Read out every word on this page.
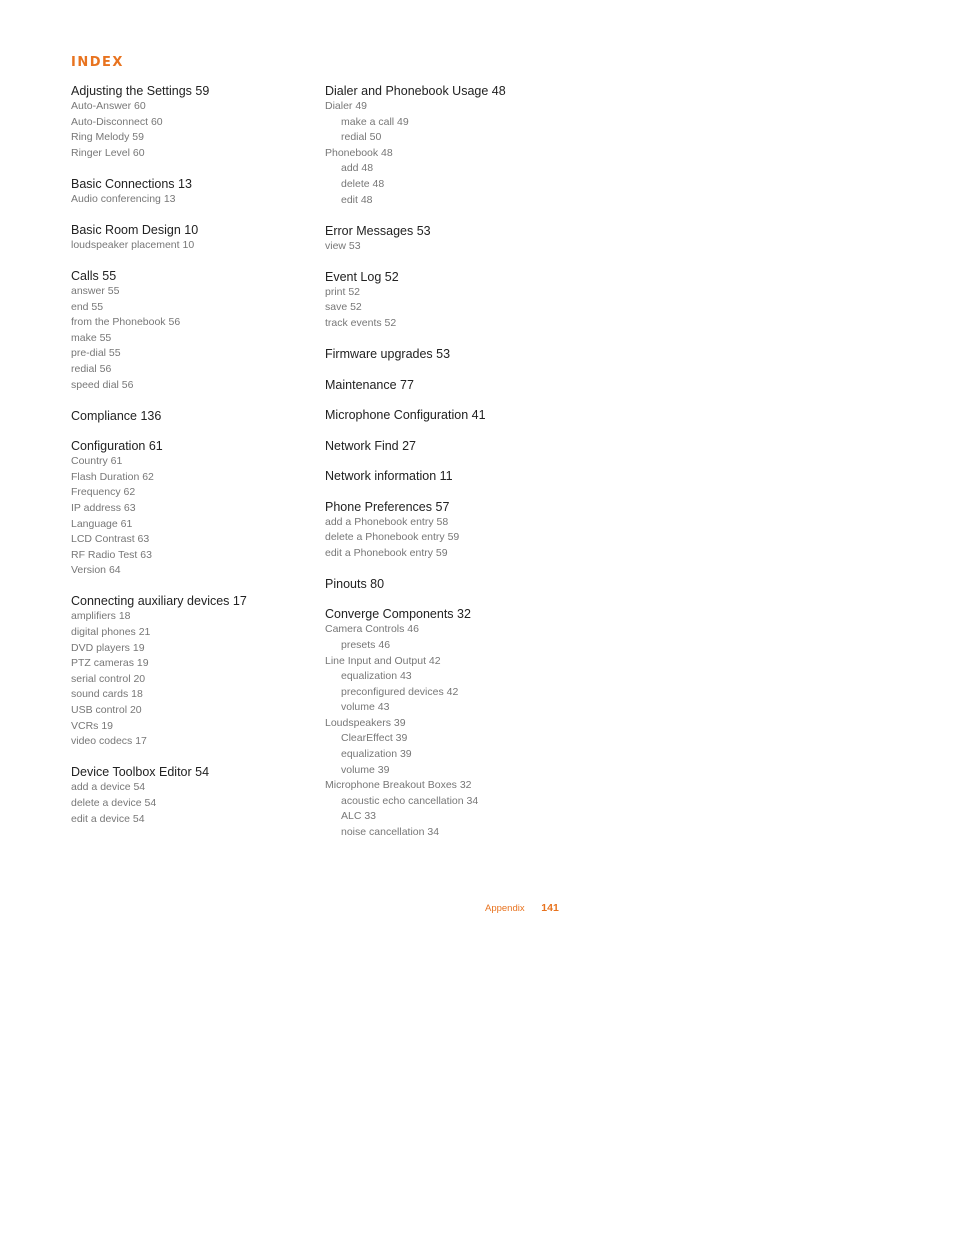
INDEX
Adjusting the Settings 59
Auto-Answer 60
Auto-Disconnect 60
Ring Melody 59
Ringer Level 60
Basic Connections 13
Audio conferencing 13
Basic Room Design 10
loudspeaker placement 10
Calls 55
answer 55
end 55
from the Phonebook 56
make 55
pre-dial 55
redial 56
speed dial 56
Compliance 136
Configuration 61
Country 61
Flash Duration 62
Frequency 62
IP address 63
Language 61
LCD Contrast 63
RF Radio Test 63
Version 64
Connecting auxiliary devices 17
amplifiers 18
digital phones 21
DVD players 19
PTZ cameras 19
serial control 20
sound cards 18
USB control 20
VCRs 19
video codecs 17
Device Toolbox Editor 54
add a device 54
delete a device 54
edit a device 54
Dialer and Phonebook Usage 48
Dialer 49
make a call 49
redial 50
Phonebook 48
add 48
delete 48
edit 48
Error Messages 53
view 53
Event Log 52
print 52
save 52
track events 52
Firmware upgrades 53
Maintenance 77
Microphone Configuration 41
Network Find 27
Network information 11
Phone Preferences 57
add a Phonebook entry 58
delete a Phonebook entry 59
edit a Phonebook entry 59
Pinouts 80
Converge Components 32
Camera Controls 46
presets 46
Line Input and Output 42
equalization 43
preconfigured devices 42
volume 43
Loudspeakers 39
ClearEffect 39
equalization 39
volume 39
Microphone Breakout Boxes 32
acoustic echo cancellation 34
ALC 33
noise cancellation 34
Appendix 141
